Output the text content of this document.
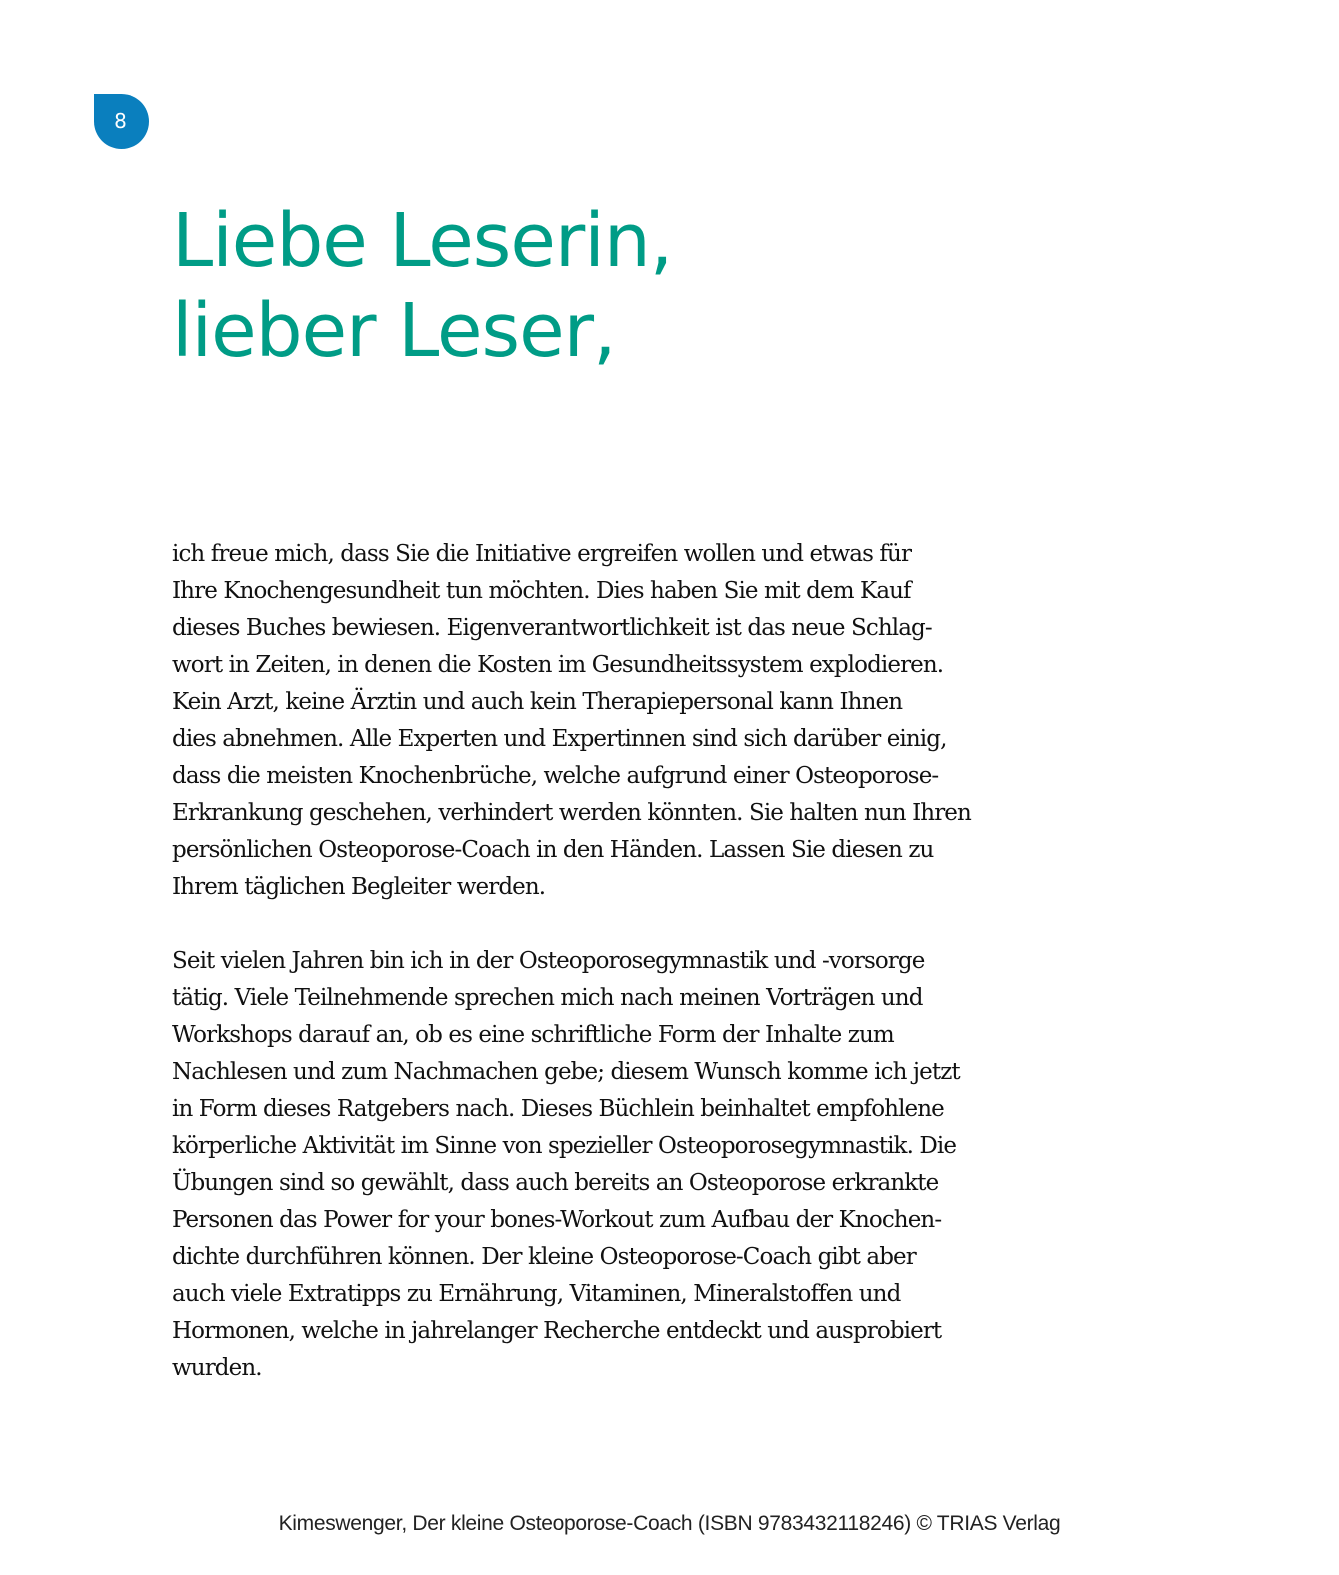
8
Liebe Leserin,
lieber Leser,

ich freue mich, dass Sie die Initiative ergreifen wollen und etwas für
Ihre Knochengesundheit tun möchten. Dies haben Sie mit dem Kauf
dieses Buches bewiesen. Eigenverantwortlichkeit ist das neue Schlag-
wort in Zeiten, in denen die Kosten im Gesundheitssystem explodieren.
Kein Arzt, keine Ärztin und auch kein Therapiepersonal kann Ihnen
dies abnehmen. Alle Experten und Expertinnen sind sich darüber einig,
dass die meisten Knochenbrüche, welche aufgrund einer Osteoporose-
Erkrankung geschehen, verhindert werden könnten. Sie halten nun Ihren
persönlichen Osteoporose-Coach in den Händen. Lassen Sie diesen zu
Ihrem täglichen Begleiter werden.

Seit vielen Jahren bin ich in der Osteoporosegymnastik und -vorsorge
tätig. Viele Teilnehmende sprechen mich nach meinen Vorträgen und
Workshops darauf an, ob es eine schriftliche Form der Inhalte zum
Nachlesen und zum Nachmachen gebe; diesem Wunsch komme ich jetzt
in Form dieses Ratgebers nach. Dieses Büchlein beinhaltet empfohlene
körperliche Aktivität im Sinne von spezieller Osteoporosegymnastik. Die
Übungen sind so gewählt, dass auch bereits an Osteoporose erkrankte
Personen das Power for your bones-Workout zum Aufbau der Knochen-
dichte durchführen können. Der kleine Osteoporose-Coach gibt aber
auch viele Extratipps zu Ernährung, Vitaminen, Mineralstoffen und
Hormonen, welche in jahrelanger Recherche entdeckt und ausprobiert
wurden.

Kimeswenger, Der kleine Osteoporose-Coach (ISBN 9783432118246) © TRIAS Verlag
